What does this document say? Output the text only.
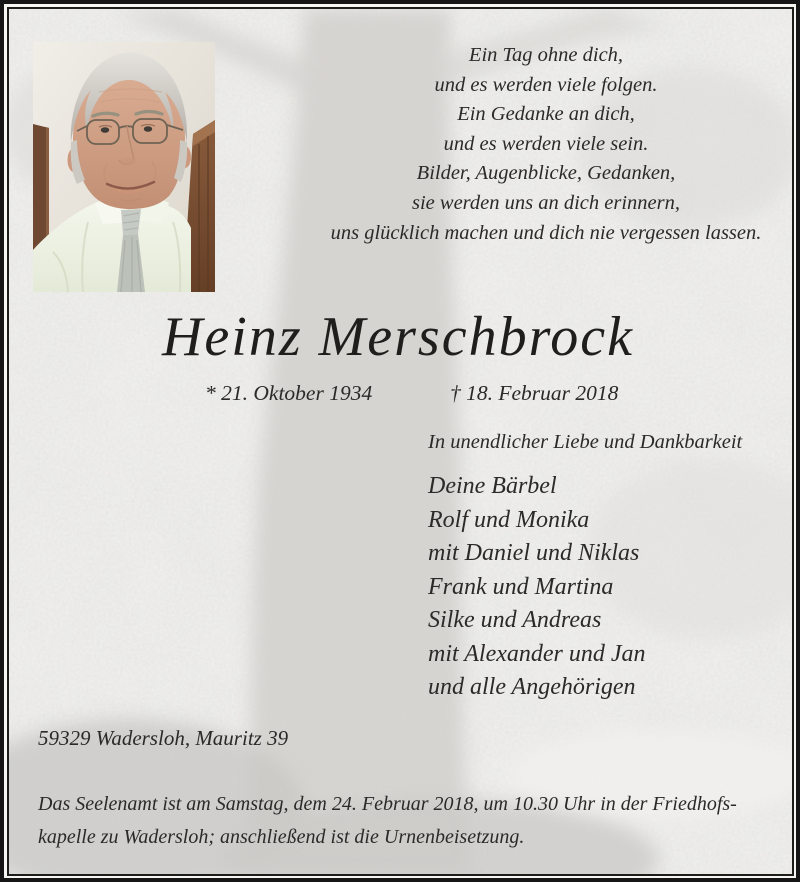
Ein Tag ohne dich,
und es werden viele folgen.
Ein Gedanke an dich,
und es werden viele sein.
Bilder, Augenblicke, Gedanken,
sie werden uns an dich erinnern,
uns glücklich machen und dich nie vergessen lassen.
Heinz Merschbrock
* 21. Oktober 1934	† 18. Februar 2018
In unendlicher Liebe und Dankbarkeit
Deine Bärbel
Rolf und Monika
mit Daniel und Niklas
Frank und Martina
Silke und Andreas
mit Alexander und Jan
und alle Angehörigen
59329 Wadersloh, Mauritz 39
Das Seelenamt ist am Samstag, dem 24. Februar 2018, um 10.30 Uhr in der Friedhofs-
kapelle zu Wadersloh; anschließend ist die Urnenbeisetzung.
